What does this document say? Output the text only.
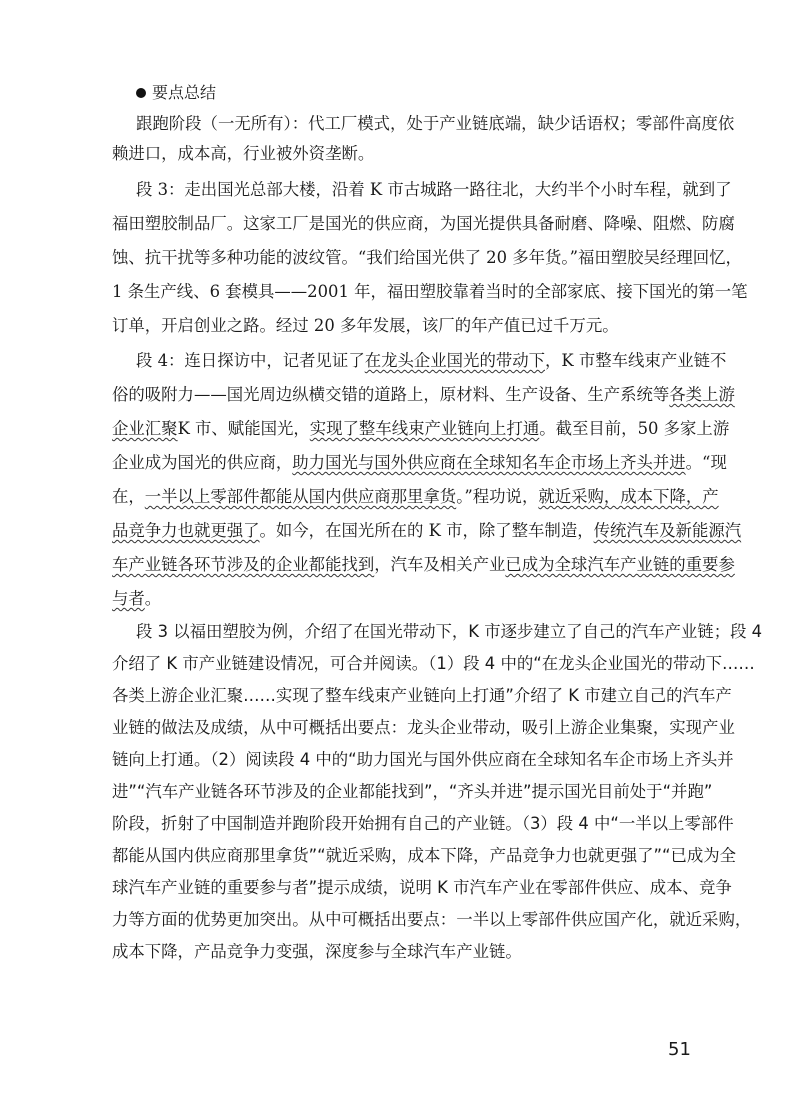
要点总结
跟跑阶段（一无所有）：代工厂模式，处于产业链底端，缺少话语权；零部件高度依
赖进口，成本高，行业被外资垄断。
段 3：走出国光总部大楼，沿着 K 市古城路一路往北，大约半个小时车程，就到了
福田塑胶制品厂。这家工厂是国光的供应商，为国光提供具备耐磨、降噪、阻燃、防腐
蚀、抗干扰等多种功能的波纹管。“我们给国光供了 20 多年货。”福田塑胶吴经理回忆，
1 条生产线、6 套模具——2001 年，福田塑胶靠着当时的全部家底、接下国光的第一笔
订单，开启创业之路。经过 20 多年发展，该厂的年产值已过千万元。
段 4：连日探访中，记者见证了在龙头企业国光的带动下，K 市整车线束产业链不
俗的吸附力——国光周边纵横交错的道路上，原材料、生产设备、生产系统等各类上游
企业汇聚K 市、赋能国光，实现了整车线束产业链向上打通。截至目前，50 多家上游
企业成为国光的供应商，助力国光与国外供应商在全球知名车企市场上齐头并进。“现
在，一半以上零部件都能从国内供应商那里拿货。”程功说，就近采购，成本下降，产
品竞争力也就更强了。如今，在国光所在的 K 市，除了整车制造，传统汽车及新能源汽
车产业链各环节涉及的企业都能找到，汽车及相关产业已成为全球汽车产业链的重要参
与者。
段 3 以福田塑胶为例，介绍了在国光带动下，K 市逐步建立了自己的汽车产业链；段 4
介绍了 K 市产业链建设情况，可合并阅读。（1）段 4 中的“在龙头企业国光的带动下……
各类上游企业汇聚……实现了整车线束产业链向上打通”介绍了 K 市建立自己的汽车产
业链的做法及成绩，从中可概括出要点：龙头企业带动，吸引上游企业集聚，实现产业
链向上打通。（2）阅读段 4 中的“助力国光与国外供应商在全球知名车企市场上齐头并
进”“汽车产业链各环节涉及的企业都能找到”，“齐头并进”提示国光目前处于“并跑”
阶段，折射了中国制造并跑阶段开始拥有自己的产业链。（3）段 4 中“一半以上零部件
都能从国内供应商那里拿货”“就近采购，成本下降，产品竞争力也就更强了”“已成为全
球汽车产业链的重要参与者”提示成绩，说明 K 市汽车产业在零部件供应、成本、竞争
力等方面的优势更加突出。从中可概括出要点：一半以上零部件供应国产化，就近采购，
成本下降，产品竞争力变强，深度参与全球汽车产业链。
51
